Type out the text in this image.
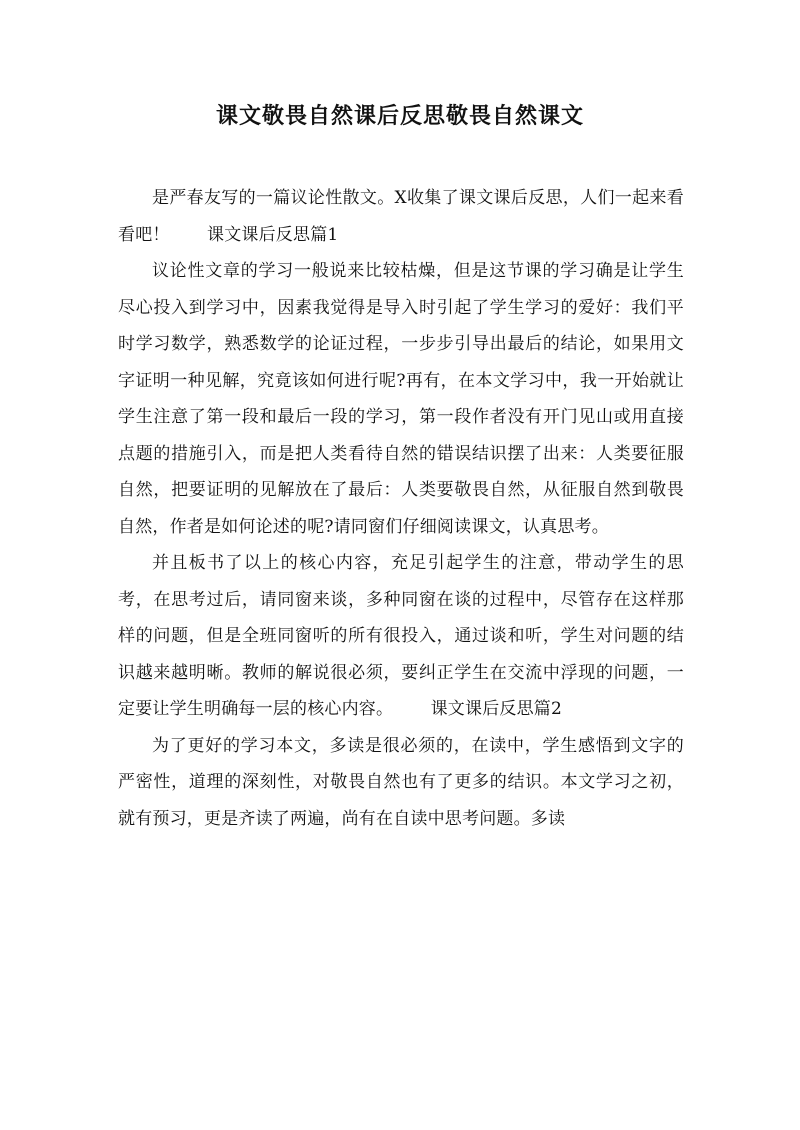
课文敬畏自然课后反思敬畏自然课文

是严春友写的一篇议论性散文。X收集了课文课后反思，人们一起来看看吧！ 课文课后反思篇1

议论性文章的学习一般说来比较枯燥，但是这节课的学习确是让学生尽心投入到学习中，因素我觉得是导入时引起了学生学习的爱好：我们平时学习数学，熟悉数学的论证过程，一步步引导出最后的结论，如果用文字证明一种见解，究竟该如何进行呢?再有，在本文学习中，我一开始就让学生注意了第一段和最后一段的学习，第一段作者没有开门见山或用直接点题的措施引入，而是把人类看待自然的错误结识摆了出来：人类要征服自然，把要证明的见解放在了最后：人类要敬畏自然，从征服自然到敬畏自然，作者是如何论述的呢?请同窗们仔细阅读课文，认真思考。

并且板书了以上的核心内容，充足引起学生的注意，带动学生的思考，在思考过后，请同窗来谈，多种同窗在谈的过程中，尽管存在这样那样的问题，但是全班同窗听的所有很投入，通过谈和听，学生对问题的结识越来越明晰。教师的解说很必须，要纠正学生在交流中浮现的问题，一定要让学生明确每一层的核心内容。 课文课后反思篇2

为了更好的学习本文，多读是很必须的，在读中，学生感悟到文字的严密性，道理的深刻性，对敬畏自然也有了更多的结识。本文学习之初，就有预习，更是齐读了两遍，尚有在自读中思考问题。多读
